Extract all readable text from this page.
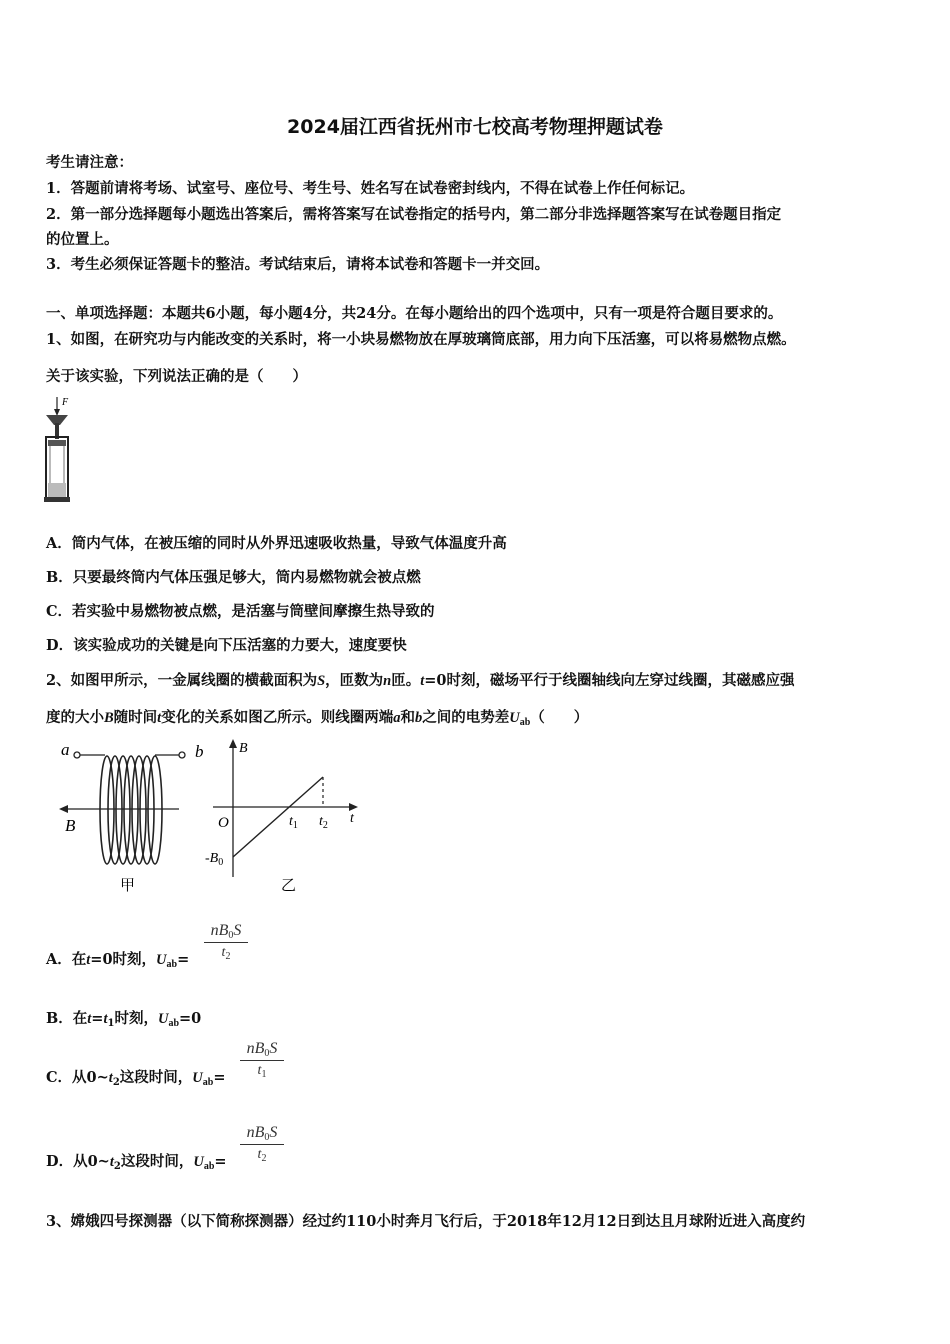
2024届江西省抚州市七校高考物理押题试卷
考生请注意：
1．答题前请将考场、试室号、座位号、考生号、姓名写在试卷密封线内，不得在试卷上作任何标记。
2．第一部分选择题每小题选出答案后，需将答案写在试卷指定的括号内，第二部分非选择题答案写在试卷题目指定
的位置上。
3．考生必须保证答题卡的整洁。考试结束后，请将本试卷和答题卡一并交回。
一、单项选择题：本题共6小题，每小题4分，共24分。在每小题给出的四个选项中，只有一项是符合题目要求的。
1、如图，在研究功与内能改变的关系时，将一小块易燃物放在厚玻璃筒底部，用力向下压活塞，可以将易燃物点燃。
关于该实验，下列说法正确的是（　　）
F
A．筒内气体，在被压缩的同时从外界迅速吸收热量，导致气体温度升高
B．只要最终筒内气体压强足够大，筒内易燃物就会被点燃
C．若实验中易燃物被点燃，是活塞与筒壁间摩擦生热导致的
D．该实验成功的关键是向下压活塞的力要大，速度要快
2、如图甲所示，一金属线圈的横截面积为S，匝数为n匝。t=0时刻，磁场平行于线圈轴线向左穿过线圈，其磁感应强
度的大小B随时间t变化的关系如图乙所示。则线圈两端a和b之间的电势差$U_{ab}$（　　）
a	b
B
甲
B
t
O	$t_1$ $t_2$
$-B_0$
乙
A．在t=0时刻，$U_{ab}=$
nB0S
$t_2$
B．在$t=t_1$时刻，$U_{ab}=0$
C．从$0\sim t_2$这段时间，$U_{ab}=$
nB0S
$t_1$
D．从$0\sim t_2$这段时间，$U_{ab}=$
nB0S
$t_2$
3、嫦娥四号探测器（以下简称探测器）经过约110小时奔月飞行后，于2018年12月12日到达且月球附近进入高度约
